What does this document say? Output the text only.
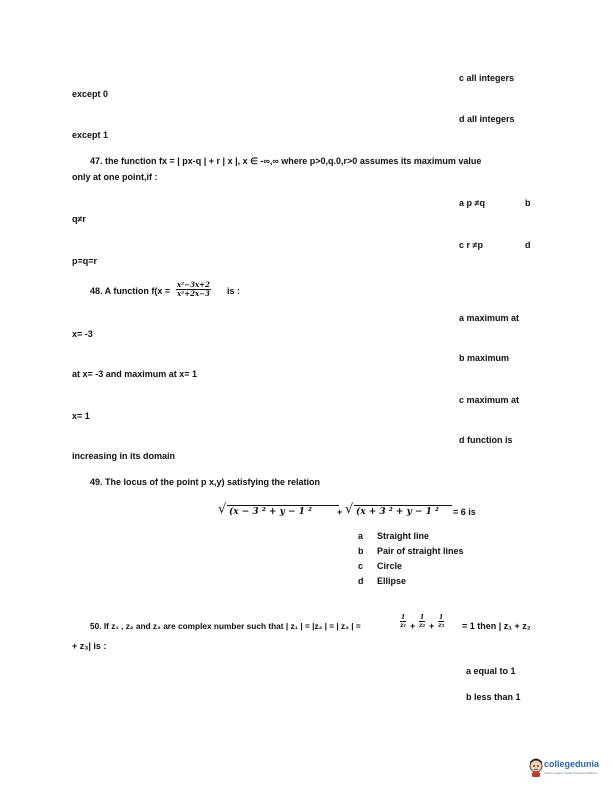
c all integers
except 0
d all integers
except 1
47. the function fx = | px-q | + r | x |, x ∈ -∞,∞ where p>0,q.0,r>0 assumes its maximum value
only at one point,if :
a p ≠q	b
q≠r
c r ≠p	d
p=q=r
48. A function $f(x = \frac{\text{x²−3x+2}}{\text{x²+2x−3}}$ is :
a maximum at
x= -3
b maximum
at x= -3 and maximum at x= 1
c maximum at
x= 1
d function is
increasing in its domain
49. The locus of the point p x,y) satisfying the relation
√ (x − 3 ² + y − 1 ²	+ √ (x + 3 ² + y − 1 ² = 6 is
a Straight line
b Pair of straight lines
c Circle
d Ellipse
50. If z₁ , z₂ and z₃ are complex number such that | z₁ | = |z₂ | = | z₃ | =	$\frac{1}{\text{z₁}} + \frac{1}{\text{z₂}} + \frac{1}{\text{z₃}} = 1$ then | z₁ + z₂
+ z₃| is :
a equal to 1
b less than 1
collegedunia
India's Largest Student Review Platform
